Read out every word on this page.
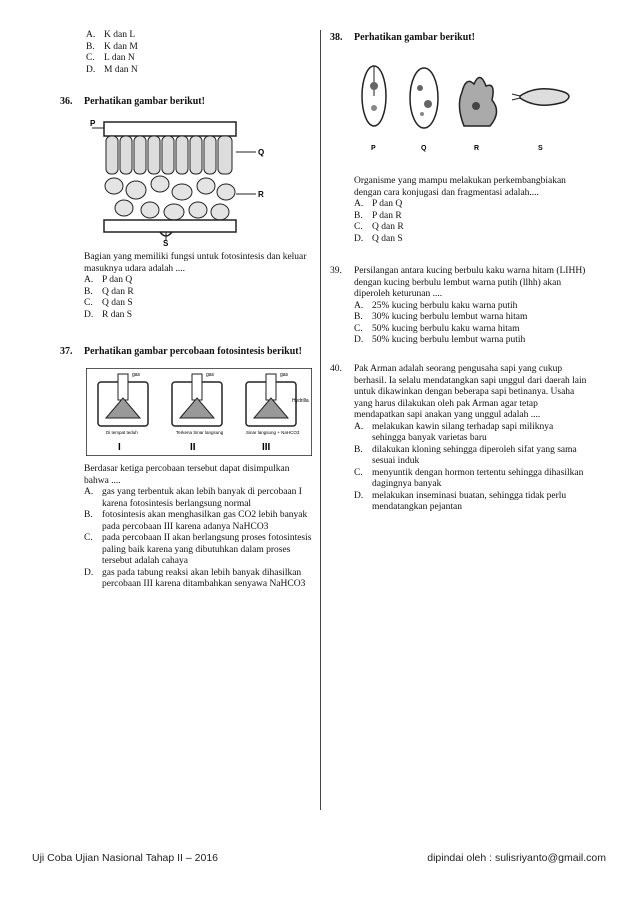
A. K dan L
B. K dan M
C. L dan N
D. M dan N
36.	Perhatikan gambar berikut!
P
Q
R
S
Bagian yang memiliki fungsi untuk fotosintesis dan keluar masuknya udara adalah ....
A. P dan Q
B. Q dan R
C. Q dan S
D. R dan S
37.	Perhatikan gambar percobaan fotosintesis berikut!
gas	gas	gas
Hydrilla
Di tempat teduh	Terkena Sinar langsung	Sinar langsung + NaHCO3
I	II	III
Berdasar ketiga percobaan tersebut dapat disimpulkan bahwa ....
A. gas yang terbentuk akan lebih banyak di percobaan I karena fotosintesis berlangsung normal
B. fotosintesis akan menghasilkan gas CO2 lebih banyak pada percobaan III karena adanya NaHCO3
C. pada percobaan II akan berlangsung proses fotosintesis paling baik karena yang dibutuhkan dalam proses tersebut adalah cahaya
D. gas pada tabung reaksi akan lebih banyak dihasilkan percobaan III karena ditambahkan senyawa NaHCO3
38.	Perhatikan gambar berikut!
P	Q	R	S
Organisme yang mampu melakukan perkembangbiakan dengan cara konjugasi dan fragmentasi adalah....
A. P dan Q
B. P dan R
C. Q dan R
D. Q dan S
39.	Persilangan antara kucing berbulu kaku warna hitam (LIHH) dengan kucing berbulu lembut warna putih (llhh) akan diperoleh keturunan ....
A. 25% kucing berbulu kaku warna putih
B. 30% kucing berbulu lembut warna hitam
C. 50% kucing berbulu kaku warna hitam
D. 50% kucing berbulu lembut warna putih
40.	Pak Arman adalah seorang pengusaha sapi yang cukup berhasil. Ia selalu mendatangkan sapi unggul dari daerah lain untuk dikawinkan dengan beberapa sapi betinanya. Usaha yang harus dilakukan oleh pak Arman agar tetap mendapatkan sapi anakan yang unggul adalah ....
A. melakukan kawin silang terhadap sapi miliknya sehingga banyak varietas baru
B. dilakukan kloning sehingga diperoleh sifat yang sama sesuai induk
C. menyuntik dengan hormon tertentu sehingga dihasilkan dagingnya banyak
D. melakukan inseminasi buatan, sehingga tidak perlu mendatangkan pejantan
Uji Coba Ujian Nasional Tahap II – 2016	dipindai oleh : sulisriyanto@gmail.com
